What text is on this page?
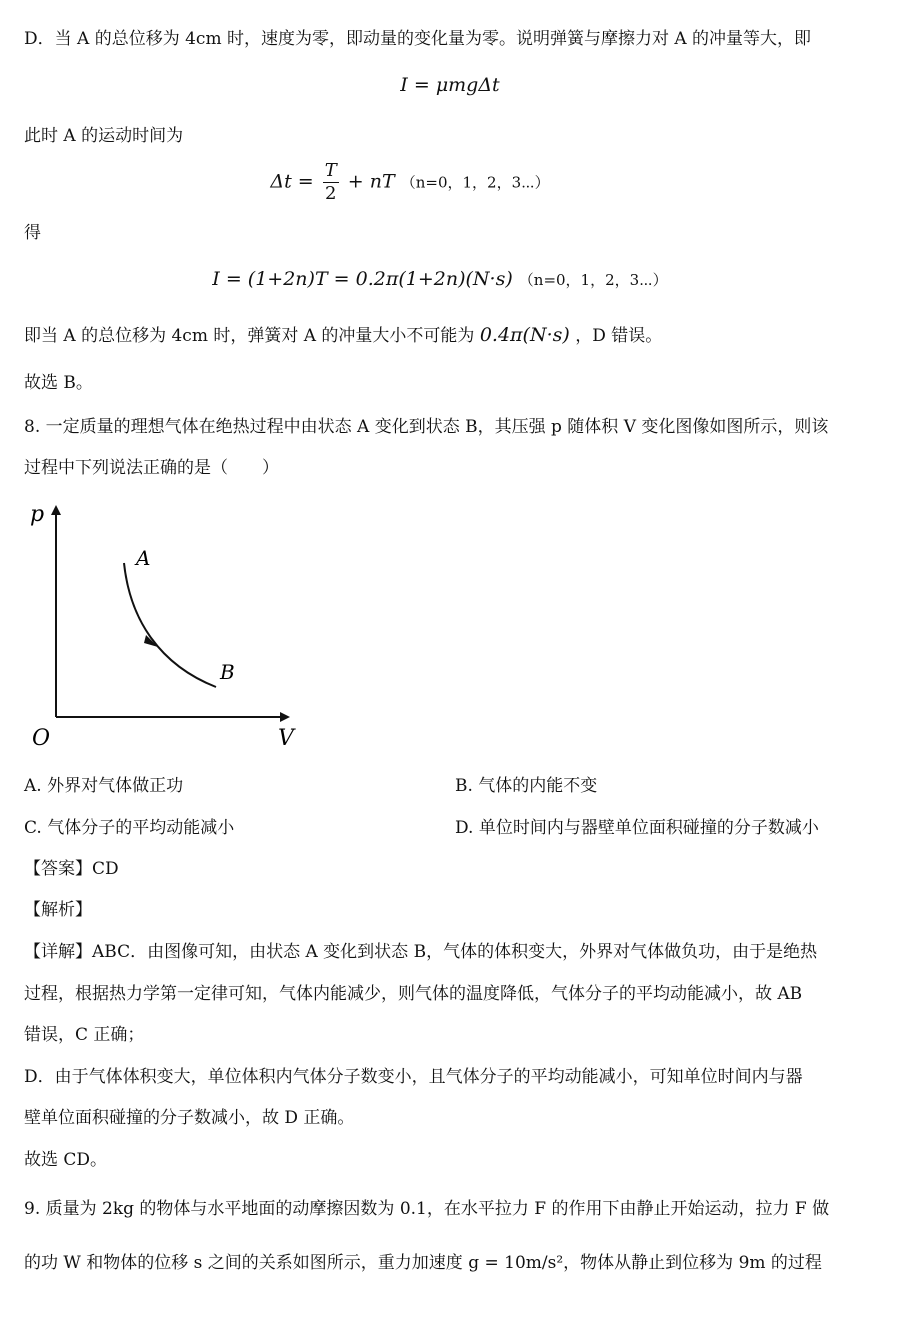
D．当 A 的总位移为 4cm 时，速度为零，即动量的变化量为零。说明弹簧与摩擦力对 A 的冲量等大，即
I = μmgΔt
此时 A 的运动时间为
$\Delta t = \frac{T}{2}$ + nT （n=0，1，2，3⋯）
得
I = (1+2n)T = 0.2π(1+2n)(N·s) （n=0，1，2，3⋯）
即当 A 的总位移为 4cm 时，弹簧对 A 的冲量大小不可能为 0.4π(N·s) ，D 错误。
故选 B。
8. 一定质量的理想气体在绝热过程中由状态 A 变化到状态 B，其压强 p 随体积 V 变化图像如图所示，则该
过程中下列说法正确的是（　　）
p
V
O
A
B
A. 外界对气体做正功	B. 气体的内能不变
C. 气体分子的平均动能减小	D. 单位时间内与器壁单位面积碰撞的分子数减小
【答案】CD
【解析】
【详解】ABC．由图像可知，由状态 A 变化到状态 B，气体的体积变大，外界对气体做负功，由于是绝热
过程，根据热力学第一定律可知，气体内能减少，则气体的温度降低，气体分子的平均动能减小，故 AB
错误，C 正确；
D．由于气体体积变大，单位体积内气体分子数变小，且气体分子的平均动能减小，可知单位时间内与器
壁单位面积碰撞的分子数减小，故 D 正确。
故选 CD。
9. 质量为 2kg 的物体与水平地面的动摩擦因数为 0.1，在水平拉力 F 的作用下由静止开始运动，拉力 F 做
的功 W 和物体的位移 s 之间的关系如图所示，重力加速度 g = 10m/s²，物体从静止到位移为 9m 的过程
